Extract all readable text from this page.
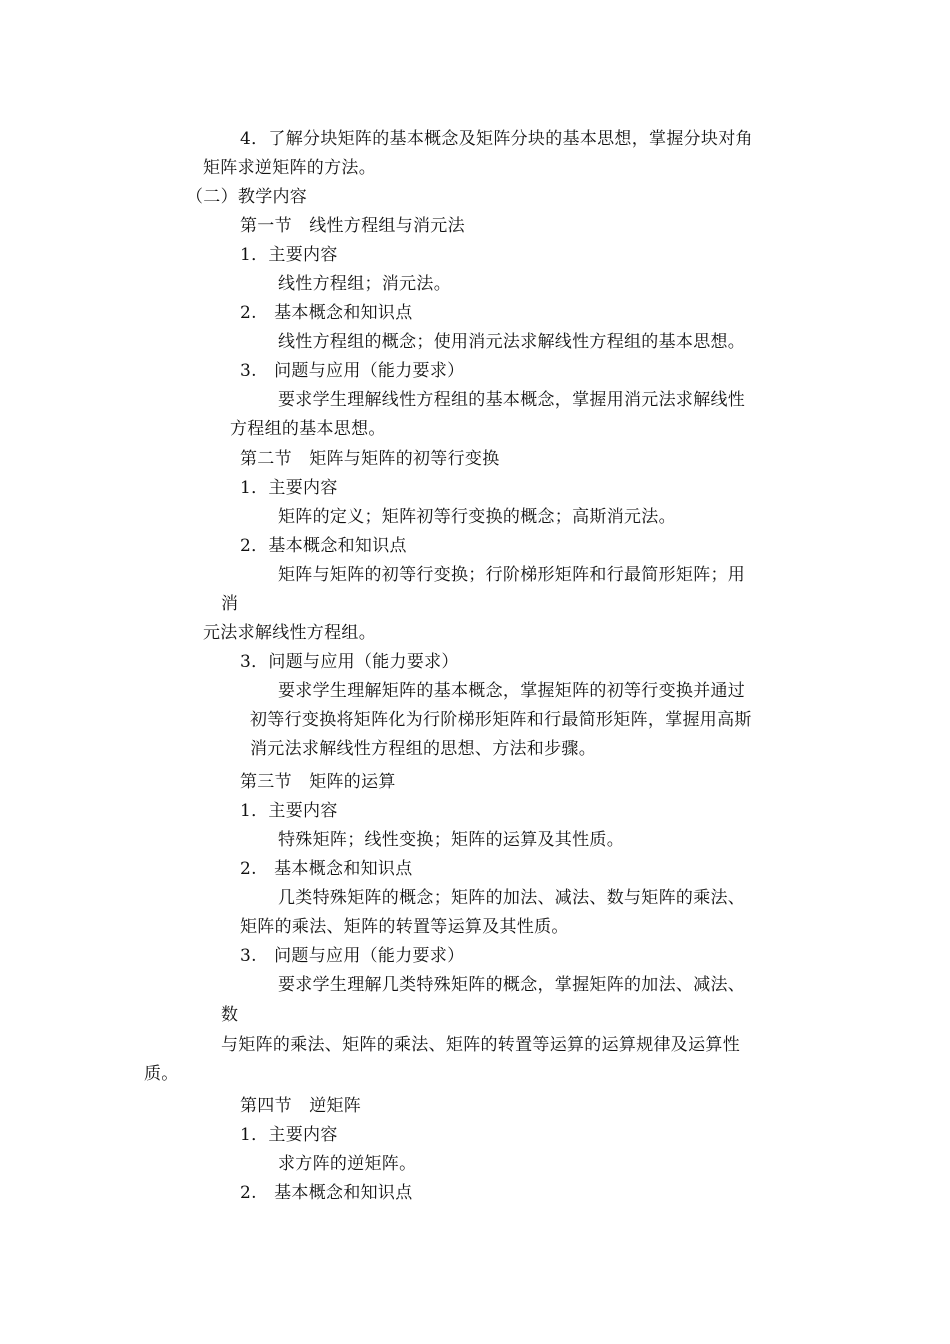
4．了解分块矩阵的基本概念及矩阵分块的基本思想，掌握分块对角
矩阵求逆矩阵的方法。
（二）教学内容
第一节　线性方程组与消元法
1．主要内容
线性方程组；消元法。
2.　基本概念和知识点
线性方程组的概念；使用消元法求解线性方程组的基本思想。
3.　问题与应用（能力要求）
要求学生理解线性方程组的基本概念，掌握用消元法求解线性
方程组的基本思想。
第二节　矩阵与矩阵的初等行变换
1．主要内容
矩阵的定义；矩阵初等行变换的概念；高斯消元法。
2．基本概念和知识点
矩阵与矩阵的初等行变换；行阶梯形矩阵和行最简形矩阵；用
消
元法求解线性方程组。
3．问题与应用（能力要求）
要求学生理解矩阵的基本概念，掌握矩阵的初等行变换并通过
初等行变换将矩阵化为行阶梯形矩阵和行最简形矩阵，掌握用高斯
消元法求解线性方程组的思想、方法和步骤。
第三节　矩阵的运算
1．主要内容
特殊矩阵；线性变换；矩阵的运算及其性质。
2.　基本概念和知识点
几类特殊矩阵的概念；矩阵的加法、减法、数与矩阵的乘法、
矩阵的乘法、矩阵的转置等运算及其性质。
3.　问题与应用（能力要求）
要求学生理解几类特殊矩阵的概念，掌握矩阵的加法、减法、
数
与矩阵的乘法、矩阵的乘法、矩阵的转置等运算的运算规律及运算性
质。
第四节　逆矩阵
1．主要内容
求方阵的逆矩阵。
2.　基本概念和知识点
